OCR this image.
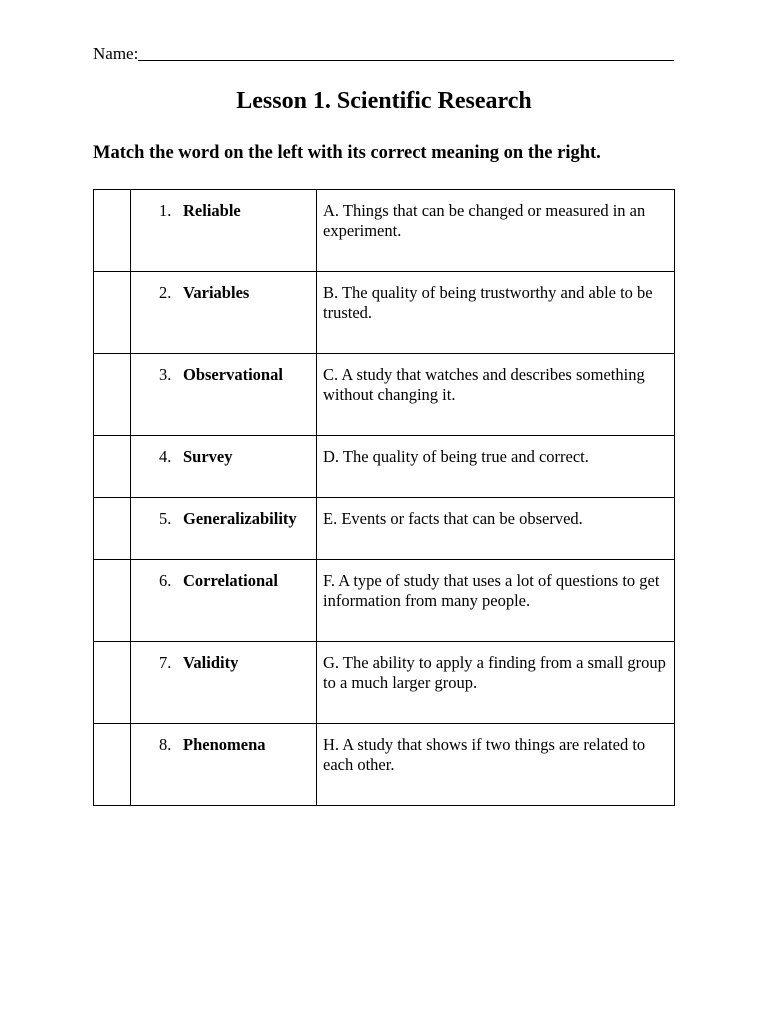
Name:
Lesson 1. Scientific Research
Match the word on the left with its correct meaning on the right.

	1. Reliable	A. Things that can be changed or measured in an experiment.

	2. Variables	B. The quality of being trustworthy and able to be trusted.

	3. Observational	C. A study that watches and describes something without changing it.

	4. Survey	D. The quality of being true and correct.

	5. Generalizability	E. Events or facts that can be observed.

	6. Correlational	F. A type of study that uses a lot of questions to get information from many people.

	7. Validity	G. The ability to apply a finding from a small group to a much larger group.

	8. Phenomena	H. A study that shows if two things are related to each other.
